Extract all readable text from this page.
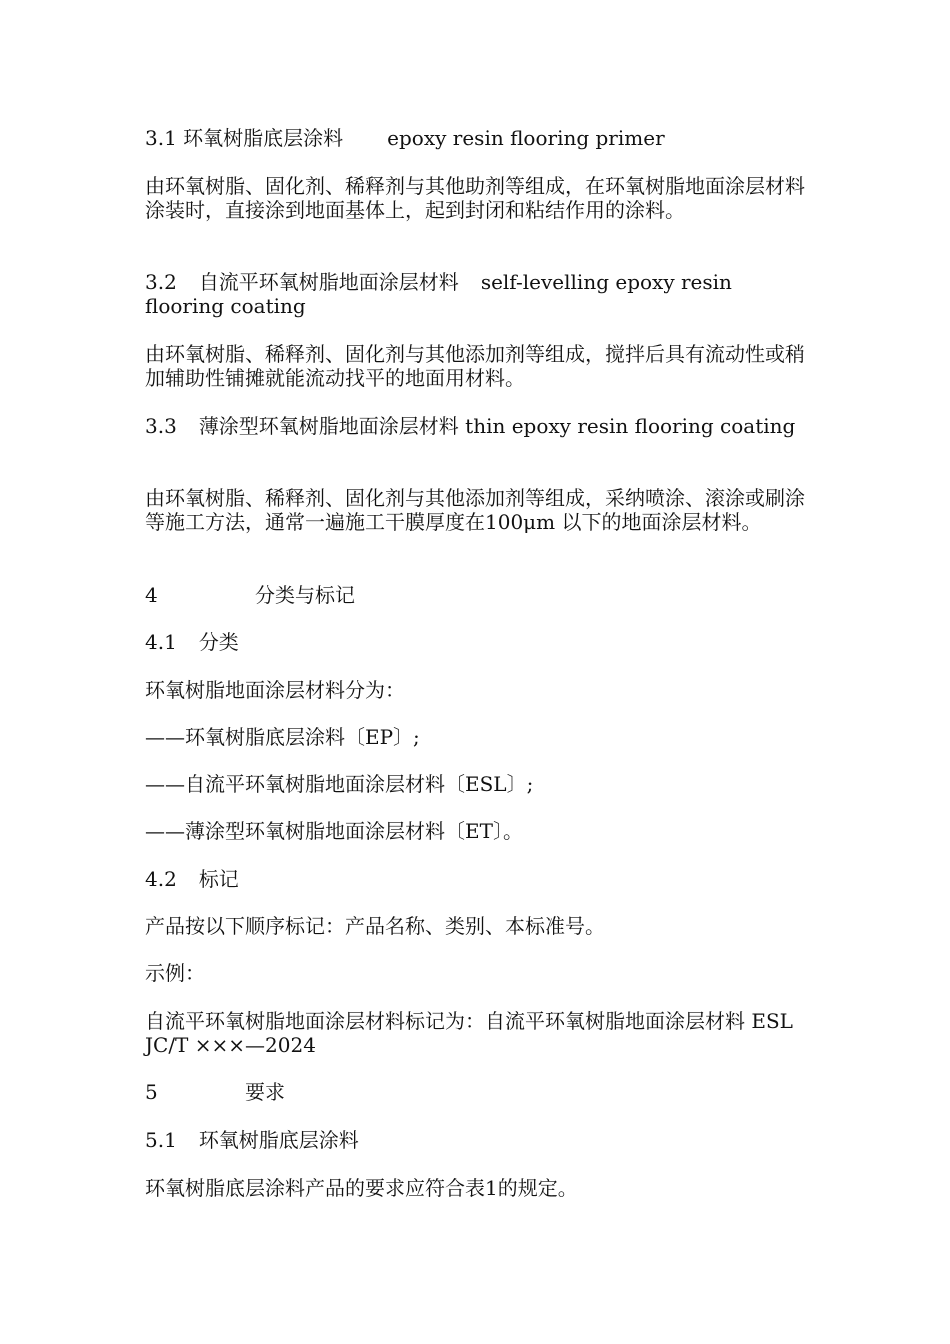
3.1 环氧树脂底层涂料 epoxy resin flooring primer

由环氧树脂、固化剂、稀释剂与其他助剂等组成，在环氧树脂地面涂层材料涂装时，直接涂到地面基体上，起到封闭和粘结作用的涂料。

3.2 自流平环氧树脂地面涂层材料 self-levelling epoxy resin flooring coating

由环氧树脂、稀释剂、固化剂与其他添加剂等组成，搅拌后具有流动性或稍加辅助性铺摊就能流动找平的地面用材料。

3.3 薄涂型环氧树脂地面涂层材料 thin epoxy resin flooring coating

由环氧树脂、稀释剂、固化剂与其他添加剂等组成，采纳喷涂、滚涂或刷涂等施工方法，通常一遍施工干膜厚度在100μm 以下的地面涂层材料。

4	分类与标记

4.1 分类

环氧树脂地面涂层材料分为：

——环氧树脂底层涂料〔EP〕;

——自流平环氧树脂地面涂层材料〔ESL〕;

——薄涂型环氧树脂地面涂层材料〔ET〕。

4.2 标记

产品按以下顺序标记：产品名称、类别、本标准号。

示例：

自流平环氧树脂地面涂层材料标记为：自流平环氧树脂地面涂层材料 ESL JC/T ×××—2024

5	要求

5.1 环氧树脂底层涂料

环氧树脂底层涂料产品的要求应符合表1的规定。
